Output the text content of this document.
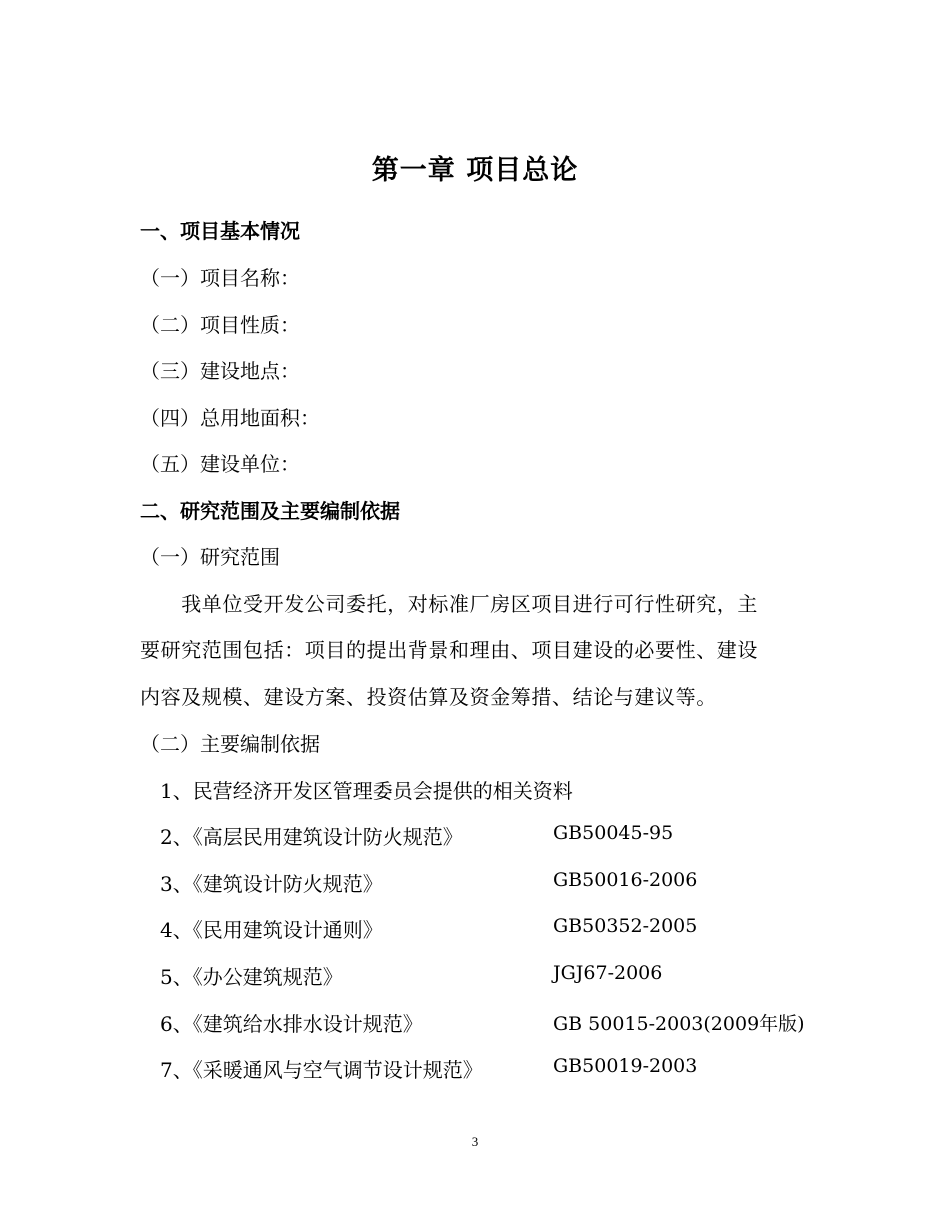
第一章 项目总论
一、项目基本情况
（一）项目名称：
（二）项目性质：
（三）建设地点：
（四）总用地面积：
（五）建设单位：
二、研究范围及主要编制依据
（一）研究范围
　　我单位受开发公司委托，对标准厂房区项目进行可行性研究，主
要研究范围包括：项目的提出背景和理由、项目建设的必要性、建设
内容及规模、建设方案、投资估算及资金筹措、结论与建议等。
（二）主要编制依据
1、民营经济开发区管理委员会提供的相关资料
2、《高层民用建筑设计防火规范》	GB50045-95
3、《建筑设计防火规范》	GB50016-2006
4、《民用建筑设计通则》	GB50352-2005
5、《办公建筑规范》	JGJ67-2006
6、《建筑给水排水设计规范》	GB 50015-2003(2009年版)
7、《采暖通风与空气调节设计规范》	GB50019-2003
3
